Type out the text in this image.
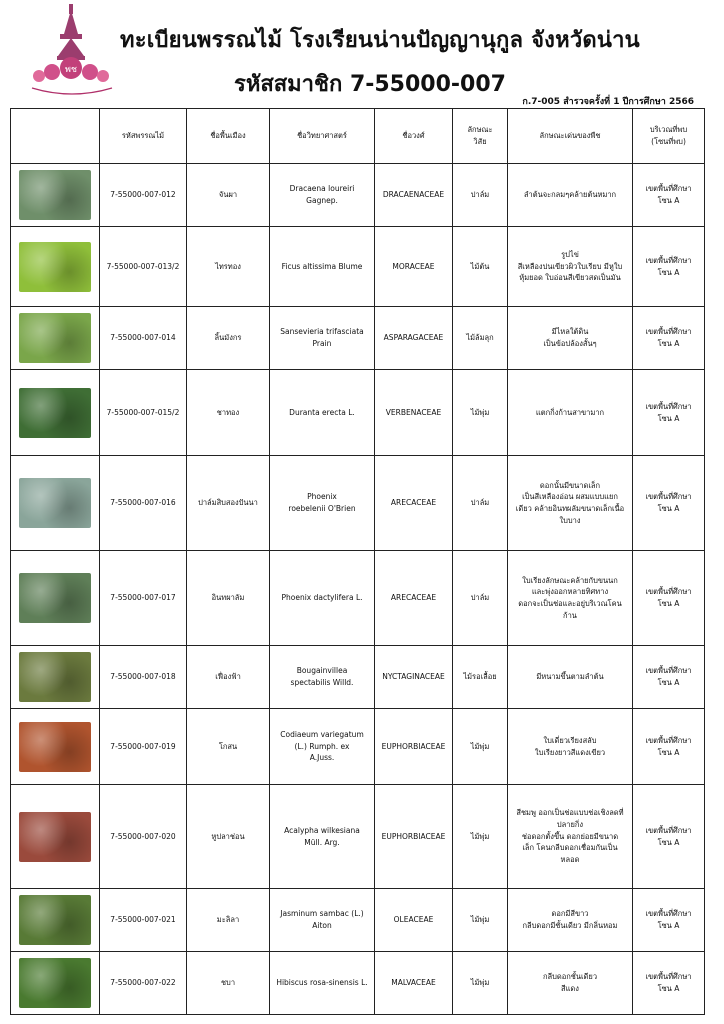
พช
ทะเบียนพรรณไม้ โรงเรียนน่านปัญญานุกูล จังหวัดน่าน
รหัสสมาชิก 7-55000-007
ก.7-005 สำรวจครั้งที่ 1 ปีการศึกษา 2566
	รหัสพรรณไม้	ชื่อพื้นเมือง	ชื่อวิทยาศาสตร์	ชื่อวงศ์	ลักษณะ
วิสัย	ลักษณะเด่นของพืช	บริเวณที่พบ
(โซนที่พบ)

	7-55000-007-012	จันผา	Dracaena loureiri
Gagnep.	DRACAENACEAE	ปาล์ม	ลำต้นจะกลมๆคล้ายต้นหมาก	เขตพื้นที่ศึกษา
โซน A

	7-55000-007-013/2	ไทรทอง	Ficus altissima Blume	MORACEAE	ไม้ต้น	รูปไข่
สีเหลืองปนเขียวผิวใบเรียบ มีหูใบ
หุ้มยอด ใบอ่อนสีเขียวสดเป็นมัน	เขตพื้นที่ศึกษา
โซน A

	7-55000-007-014	ลิ้นมังกร	Sansevieria trifasciata
Prain	ASPARAGACEAE	ไม้ล้มลุก	มีไหลใต้ดิน
เป็นข้อปล้องสั้นๆ	เขตพื้นที่ศึกษา
โซน A

	7-55000-007-015/2	ชาทอง	Duranta erecta L.	VERBENACEAE	ไม้พุ่ม	แตกกิ่งก้านสาขามาก	เขตพื้นที่ศึกษา
โซน A

	7-55000-007-016	ปาล์มสิบสองปันนา	Phoenix
roebelenii O'Brien	ARECACEAE	ปาล์ม	ดอกนั้นมีขนาดเล็ก
เป็นสีเหลืองอ่อน ผสมแบบแยก
เดียว คล้ายอินทผลัมขนาดเล็กเนื้อ
ใบบาง	เขตพื้นที่ศึกษา
โซน A

	7-55000-007-017	อินทผาลัม	Phoenix dactylifera L.	ARECACEAE	ปาล์ม	ใบเรียงลักษณะคล้ายกับขนนก
และพุ่งออกหลายทิศทาง
ดอกจะเป็นช่อและอยู่บริเวณโคน
ก้าน	เขตพื้นที่ศึกษา
โซน A

	7-55000-007-018	เฟื่องฟ้า	Bougainvillea
spectabilis Willd.	NYCTAGINACEAE	ไม้รอเลื้อย	มีหนามขึ้นตามลำต้น	เขตพื้นที่ศึกษา
โซน A

	7-55000-007-019	โกสน	Codiaeum variegatum
(L.) Rumph. ex
A.Juss.	EUPHORBIACEAE	ไม้พุ่ม	ใบเดี่ยวเรียงสลับ
ใบเรียงยาวสีแดงเขียว	เขตพื้นที่ศึกษา
โซน A

	7-55000-007-020	หูปลาช่อน	Acalypha wilkesiana
Müll. Arg.	EUPHORBIACEAE	ไม้พุ่ม	สีชมพู ออกเป็นช่อแบบช่อเชิงลดที่
ปลายกิ่ง
ช่อดอกตั้งขึ้น ดอกย่อยมีขนาด
เล็ก โคนกลีบดอกเชื่อมกันเป็น
หลอด	เขตพื้นที่ศึกษา
โซน A

	7-55000-007-021	มะลิลา	Jasminum sambac (L.)
Aiton	OLEACEAE	ไม้พุ่ม	ดอกมีสีขาว
กลีบดอกมีชั้นเดียว มีกลิ่นหอม	เขตพื้นที่ศึกษา
โซน A

	7-55000-007-022	ชบา	Hibiscus rosa-sinensis L.	MALVACEAE	ไม้พุ่ม	กลีบดอกชั้นเดียว
สีแดง	เขตพื้นที่ศึกษา
โซน A
